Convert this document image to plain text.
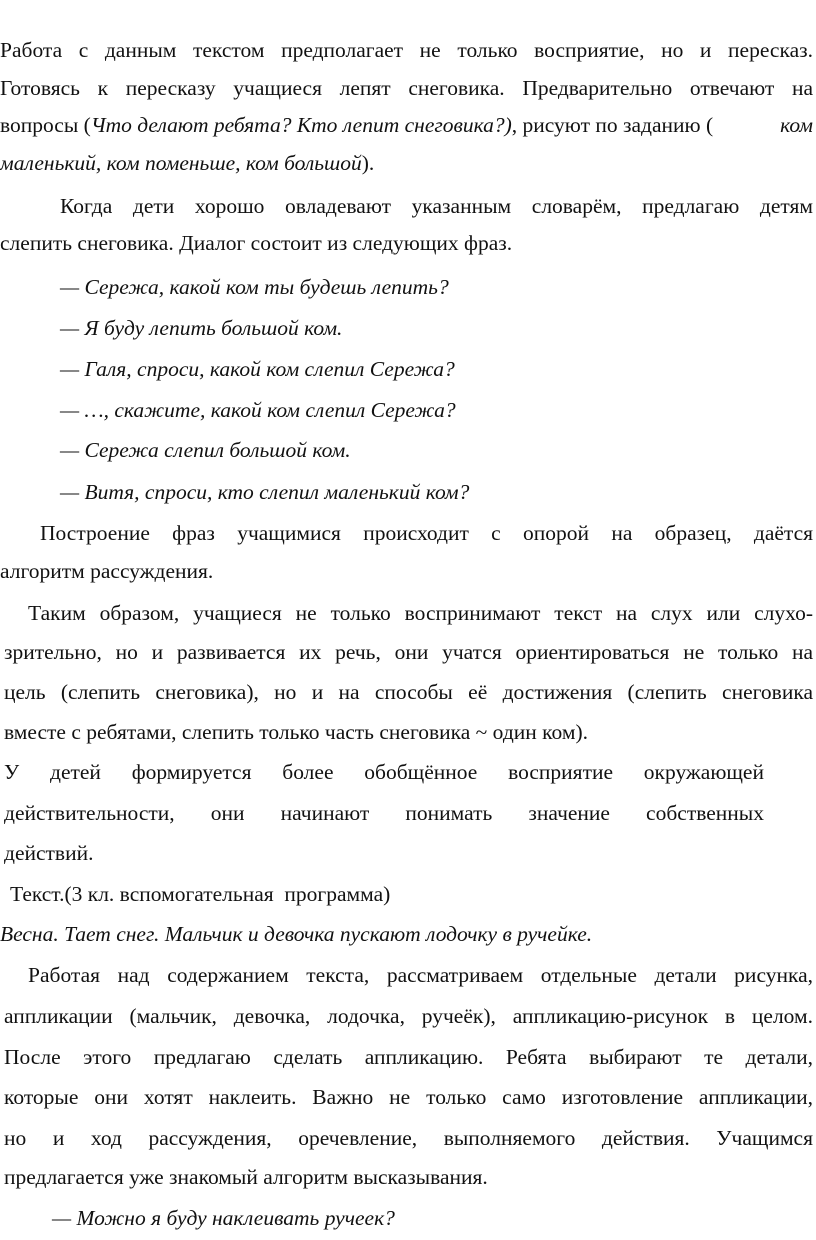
Работа с данным текстом предполагает не только восприятие, но и пересказ.
Готовясь к пересказу учащиеся лепят снеговика. Предварительно отвечают на
вопросы ( Что делают ребята? Кто лепит снеговика?) , рисуют по заданию (	ком
маленький, ком поменьше, ком большой).
Когда дети хорошо овладевают указанным словарём, предлагаю детям
слепить снеговика. Диалог состоит из следующих фраз.
— Сережа, какой ком ты будешь лепить?
— Я буду лепить большой ком.
— Галя, спроси, какой ком слепил Сережа?
— …, скажите, какой ком слепил Сережа?
— Сережа слепил большой ком.
— Витя, спроси, кто слепил маленький ком?
Построение фраз учащимися происходит с опорой на образец, даётся
алгоритм рассуждения.
Таким образом, учащиеся не только воспринимают текст на слух или слухо-
зрительно, но и развивается их речь, они учатся ориентироваться не только на
цель (слепить снеговика), но и на способы её достижения (слепить снеговика
вместе с ребятами, слепить только часть снеговика ~ один ком).
У детей формируется более обобщённое восприятие окружающей
действительности, они начинают понимать значение собственных
действий.
Текст.(3 кл. вспомогательная  программа)
Весна. Тает снег. Мальчик и девочка пускают лодочку в ручейке.
Работая над содержанием текста, рассматриваем отдельные детали рисунка,
аппликации (мальчик, девочка, лодочка, ручеёк), аппликацию-рисунок в целом.
После этого предлагаю сделать аппликацию. Ребята выбирают те детали,
которые они хотят наклеить. Важно не только само изготовление аппликации,
но и ход рассуждения, оречевление, выполняемого действия. Учащимся
предлагается уже знакомый алгоритм высказывания.
— Можно я буду наклеивать ручеек?
